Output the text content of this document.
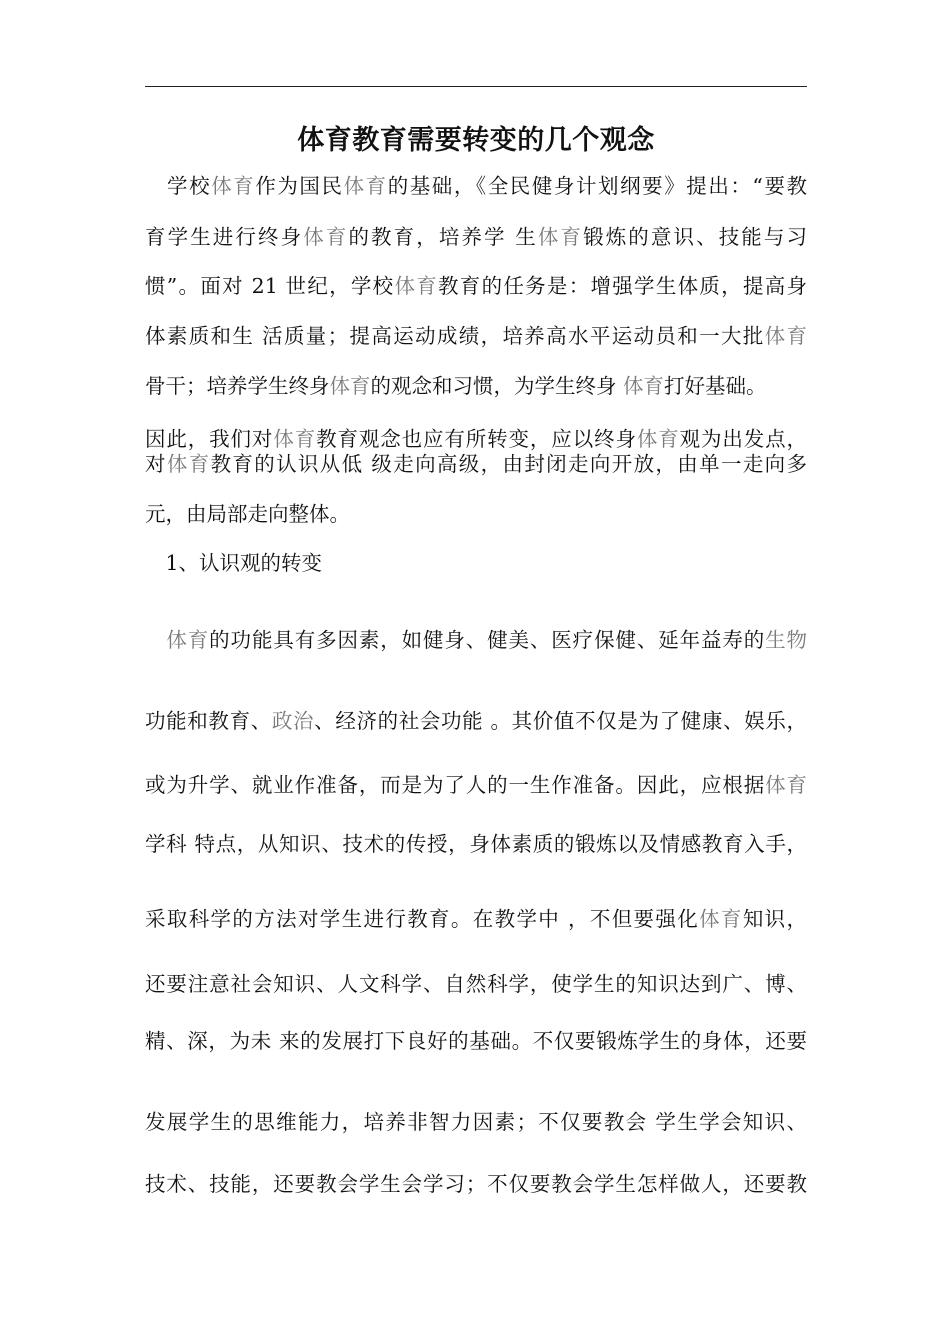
体育教育需要转变的几个观念
　学校体育作为国民体育的基础，《全民健身计划纲要》提出：“要教
育学生进行终身体育的教育，培养学 生体育锻炼的意识、技能与习
惯”。面对 21 世纪，学校体育教育的任务是：增强学生体质，提高身
体素质和生 活质量；提高运动成绩，培养高水平运动员和一大批体育
骨干；培养学生终身体育的观念和习惯，为学生终身 体育打好基础。
因此，我们对体育教育观念也应有所转变，应以终身体育观为出发点，
对体育教育的认识从低 级走向高级，由封闭走向开放，由单一走向多
元，由局部走向整体。
　1、认识观的转变
　体育的功能具有多因素，如健身、健美、医疗保健、延年益寿的生物
功能和教育、政治、经济的社会功能 。其价值不仅是为了健康、娱乐，
或为升学、就业作准备，而是为了人的一生作准备。因此，应根据体育
学科 特点，从知识、技术的传授，身体素质的锻炼以及情感教育入手，
采取科学的方法对学生进行教育。在教学中 ，不但要强化体育知识，
还要注意社会知识、人文科学、自然科学，使学生的知识达到广、博、
精、深，为未 来的发展打下良好的基础。不仅要锻炼学生的身体，还要
发展学生的思维能力，培养非智力因素；不仅要教会 学生学会知识、
技术、技能，还要教会学生会学习；不仅要教会学生怎样做人，还要教
